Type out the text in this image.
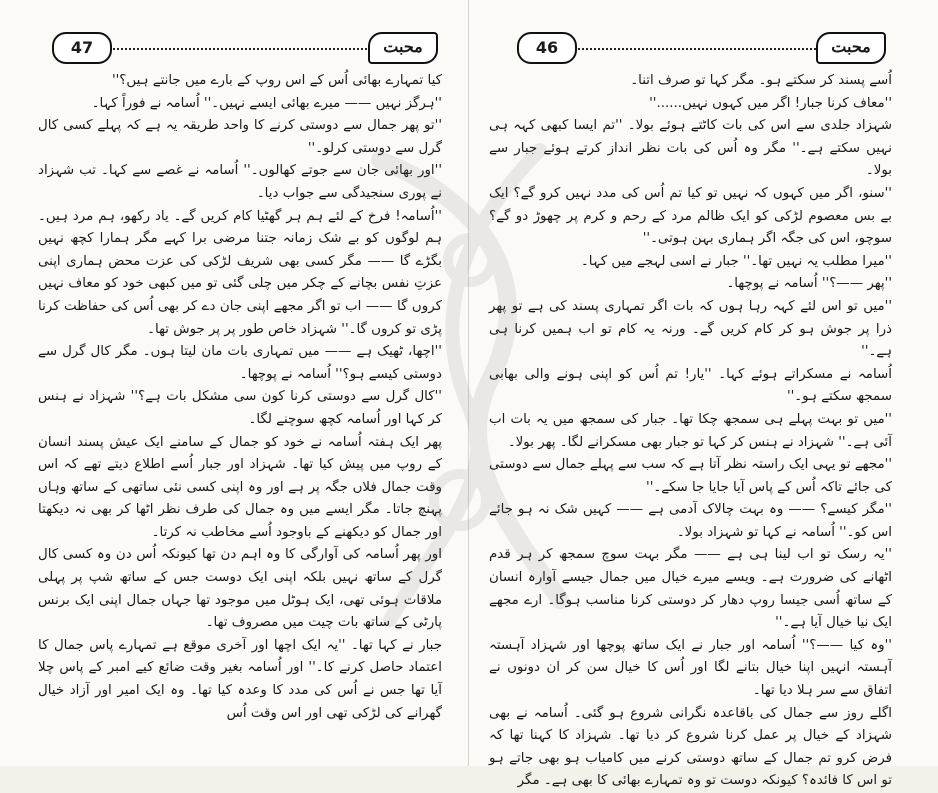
47	محبت

کیا تمہارے بھائی اُس کے اس روپ کے بارے میں جانتے ہیں؟''

''ہرگز نہیں —— میرے بھائی ایسے نہیں۔'' اُسامہ نے فوراً کہا۔

''تو پھر جمال سے دوستی کرنے کا واحد طریقہ یہ ہے کہ پہلے کسی کال گرل سے دوستی کرلو۔''

''اور بھائی جان سے جوتے کھالوں۔'' اُسامہ نے غصے سے کہا۔ تب شہزاد نے پوری سنجیدگی سے جواب دیا۔

''اُسامہ! فرخ کے لئے ہم ہر گھٹیا کام کریں گے۔ یاد رکھو، ہم مرد ہیں۔ ہم لوگوں کو بے شک زمانہ جتنا مرضی برا کہے مگر ہمارا کچھ نہیں بگڑے گا —— مگر کسی بھی شریف لڑکی کی عزت محض ہماری اپنی عزتِ نفس بچانے کے چکر میں چلی گئی تو میں کبھی خود کو معاف نہیں کروں گا —— اب تو اگر مجھے اپنی جان دے کر بھی اُس کی حفاظت کرنا پڑی تو کروں گا۔'' شہزاد خاص طور پر پر جوش تھا۔

''اچھا، ٹھیک ہے —— میں تمہاری بات مان لیتا ہوں۔ مگر کال گرل سے دوستی کیسے ہو؟'' اُسامہ نے پوچھا۔

''کال گرل سے دوستی کرنا کون سی مشکل بات ہے؟'' شہزاد نے ہنس کر کہا اور اُسامہ کچھ سوچنے لگا۔

پھر ایک ہفتہ اُسامہ نے خود کو جمال کے سامنے ایک عیش پسند انسان کے روپ میں پیش کیا تھا۔ شہزاد اور جبار اُسے اطلاع دیتے تھے کہ اس وقت جمال فلاں جگہ پر ہے اور وہ اپنی کسی نئی ساتھی کے ساتھ وہاں پہنچ جاتا۔ مگر ایسے میں وہ جمال کی طرف نظر اٹھا کر بھی نہ دیکھتا اور جمال کو دیکھنے کے باوجود اُسے مخاطب نہ کرتا۔

اور پھر اُسامہ کی آوارگی کا وہ اہم دن تھا کیونکہ اُس دن وہ کسی کال گرل کے ساتھ نہیں بلکہ اپنی ایک دوست جس کے ساتھ شپ پر پہلی ملاقات ہوئی تھی، ایک ہوٹل میں موجود تھا جہاں جمال اپنی ایک برنس پارٹی کے ساتھ بات چیت میں مصروف تھا۔

جبار نے کہا تھا۔ ''یہ ایک اچھا اور آخری موقع ہے تمہارے پاس جمال کا اعتماد حاصل کرنے کا۔'' اور اُسامہ بغیر وقت ضائع کیے امبر کے پاس چلا آیا تھا جس نے اُس کی مدد کا وعدہ کیا تھا۔ وہ ایک امیر اور آزاد خیال گھرانے کی لڑکی تھی اور اس وقت اُس

46	محبت

اُسے پسند کر سکتے ہو۔ مگر کہا تو صرف اتنا۔

''معاف کرنا جبار! اگر میں کہوں نہیں......''

شہزاد جلدی سے اس کی بات کاٹتے ہوئے بولا۔ ''تم ایسا کبھی کہہ ہی نہیں سکتے ہے۔'' مگر وہ اُس کی بات نظر انداز کرتے ہوئے جبار سے بولا۔

''سنو، اگر میں کہوں کہ نہیں تو کیا تم اُس کی مدد نہیں کرو گے؟ ایک بے بس معصوم لڑکی کو ایک ظالم مرد کے رحم و کرم پر چھوڑ دو گے؟ سوچو، اس کی جگہ اگر ہماری بہن ہوتی۔''

''میرا مطلب یہ نہیں تھا۔'' جبار نے اسی لہجے میں کہا۔

''پھر ——؟'' اُسامہ نے پوچھا۔

''میں تو اس لئے کہہ رہا ہوں کہ بات اگر تمہاری پسند کی ہے تو پھر ذرا پر جوش ہو کر کام کریں گے۔ ورنہ یہ کام تو اب ہمیں کرنا ہی ہے۔''

اُسامہ نے مسکراتے ہوئے کہا۔ ''یار! تم اُس کو اپنی ہونے والی بھابی سمجھ سکتے ہو۔''

''میں تو بہت پہلے ہی سمجھ چکا تھا۔ جبار کی سمجھ میں یہ بات اب آئی ہے۔'' شہزاد نے ہنس کر کہا تو جبار بھی مسکرانے لگا۔ پھر بولا۔

''مجھے تو یہی ایک راستہ نظر آتا ہے کہ سب سے پہلے جمال سے دوستی کی جائے تاکہ اُس کے پاس آیا جایا جا سکے۔''

''مگر کیسے؟ —— وہ بہت چالاک آدمی ہے —— کہیں شک نہ ہو جائے اس کو۔'' اُسامہ نے کہا تو شہزاد بولا۔

''یہ رسک تو اب لینا ہی ہے —— مگر بہت سوچ سمجھ کر ہر قدم اٹھانے کی ضرورت ہے۔ ویسے میرے خیال میں جمال جیسے آوارہ انسان کے ساتھ اُسی جیسا روپ دھار کر دوستی کرنا مناسب ہوگا۔ ارے مجھے ایک نیا خیال آیا ہے۔''

''وہ کیا ——؟'' اُسامہ اور جبار نے ایک ساتھ پوچھا اور شہزاد آہستہ آہستہ انہیں اپنا خیال بتانے لگا اور اُس کا خیال سن کر ان دونوں نے اتفاق سے سر ہلا دیا تھا۔

اگلے روز سے جمال کی باقاعدہ نگرانی شروع ہو گئی۔ اُسامہ نے بھی شہزاد کے خیال پر عمل کرنا شروع کر دیا تھا۔ شہزاد کا کہنا تھا کہ فرض کرو تم جمال کے ساتھ دوستی کرنے میں کامیاب ہو بھی جاتے ہو تو اس کا فائدہ؟ کیونکہ دوست تو وہ تمہارے بھائی کا بھی ہے۔ مگر
